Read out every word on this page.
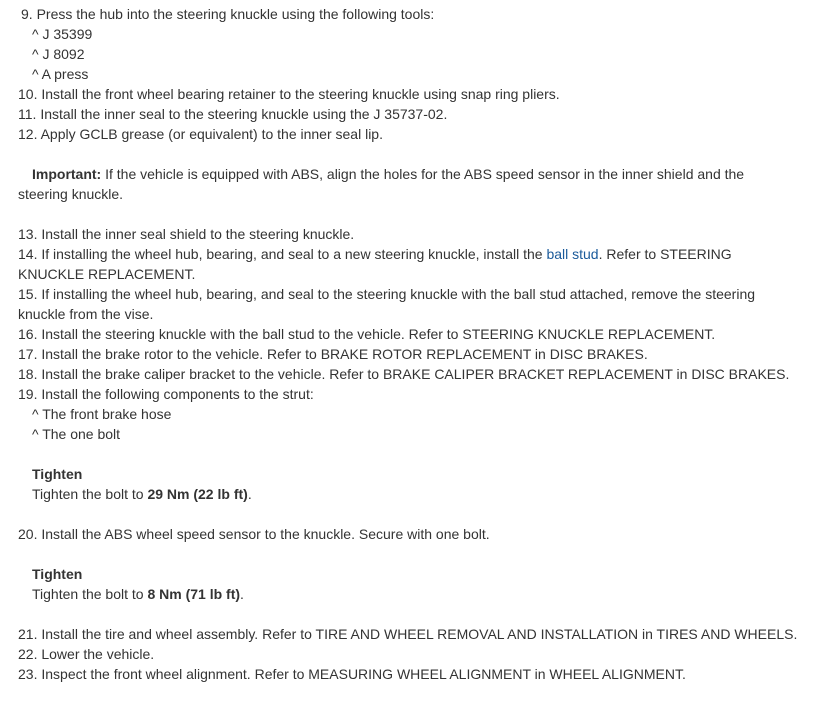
9. Press the hub into the steering knuckle using the following tools:
^ J 35399
^ J 8092
^ A press
10. Install the front wheel bearing retainer to the steering knuckle using snap ring pliers.
11. Install the inner seal to the steering knuckle using the J 35737-02.
12. Apply GCLB grease (or equivalent) to the inner seal lip.
Important: If the vehicle is equipped with ABS, align the holes for the ABS speed sensor in the inner shield and the steering knuckle.
13. Install the inner seal shield to the steering knuckle.
14. If installing the wheel hub, bearing, and seal to a new steering knuckle, install the ball stud. Refer to STEERING KNUCKLE REPLACEMENT.
15. If installing the wheel hub, bearing, and seal to the steering knuckle with the ball stud attached, remove the steering knuckle from the vise.
16. Install the steering knuckle with the ball stud to the vehicle. Refer to STEERING KNUCKLE REPLACEMENT.
17. Install the brake rotor to the vehicle. Refer to BRAKE ROTOR REPLACEMENT in DISC BRAKES.
18. Install the brake caliper bracket to the vehicle. Refer to BRAKE CALIPER BRACKET REPLACEMENT in DISC BRAKES.
19. Install the following components to the strut:
^ The front brake hose
^ The one bolt
Tighten
Tighten the bolt to 29 Nm (22 lb ft).
20. Install the ABS wheel speed sensor to the knuckle. Secure with one bolt.
Tighten
Tighten the bolt to 8 Nm (71 lb ft).
21. Install the tire and wheel assembly. Refer to TIRE AND WHEEL REMOVAL AND INSTALLATION in TIRES AND WHEELS.
22. Lower the vehicle.
23. Inspect the front wheel alignment. Refer to MEASURING WHEEL ALIGNMENT in WHEEL ALIGNMENT.
